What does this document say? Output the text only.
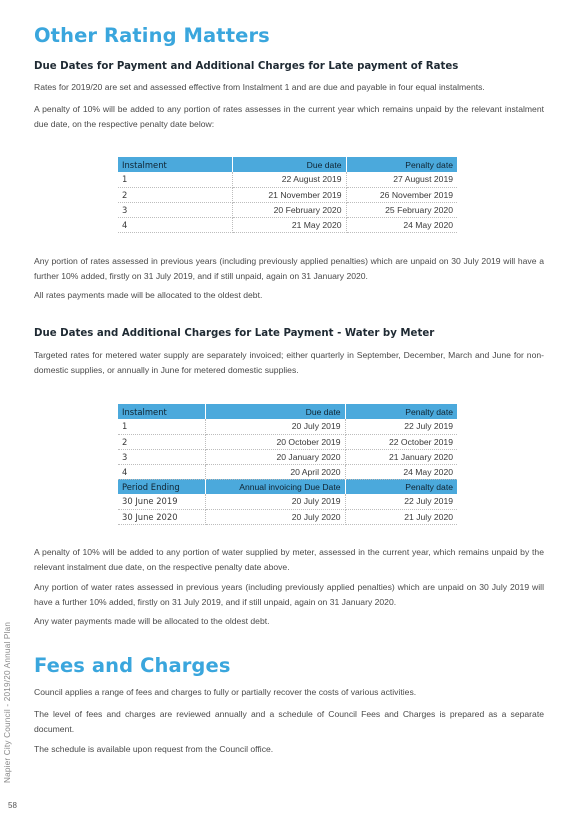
Other Rating Matters
Due Dates for Payment and Additional Charges for Late payment of Rates

Rates for 2019/20 are set and assessed effective from Instalment 1 and are due and payable in four equal instalments.

A penalty of 10% will be added to any portion of rates assesses in the current year which remains unpaid by the relevant instalment due date, on the respective penalty date below:

Instalment	Due date	Penalty date
1	22 August 2019	27 August 2019
2	21 November 2019	26 November 2019
3	20 February 2020	25 February 2020
4	21 May 2020	24 May 2020

Any portion of rates assessed in previous years (including previously applied penalties) which are unpaid on 30 July 2019 will have a further 10% added, firstly on 31 July 2019, and if still unpaid, again on 31 January 2020.

All rates payments made will be allocated to the oldest debt.

Due Dates and Additional Charges for Late Payment - Water by Meter

Targeted rates for metered water supply are separately invoiced; either quarterly in September, December, March and June for non-domestic supplies, or annually in June for metered domestic supplies.

Instalment	Due date	Penalty date
1	20 July 2019	22 July 2019
2	20 October 2019	22 October 2019
3	20 January 2020	21 January 2020
4	20 April 2020	24 May 2020
Period Ending	Annual invoicing Due Date	Penalty date
30 June 2019	20 July 2019	22 July 2019
30 June 2020	20 July 2020	21 July 2020

A penalty of 10% will be added to any portion of water supplied by meter, assessed in the current year, which remains unpaid by the relevant instalment due date, on the respective penalty date above.

Any portion of water rates assessed in previous years (including previously applied penalties) which are unpaid on 30 July 2019 will have a further 10% added, firstly on 31 July 2019, and if still unpaid, again on 31 January 2020.

Any water payments made will be allocated to the oldest debt.

Fees and Charges

Council applies a range of fees and charges to fully or partially recover the costs of various activities.

The level of fees and charges are reviewed annually and a schedule of Council Fees and Charges is prepared as a separate document.

The schedule is available upon request from the Council office.

Napier City Council - 2019/20 Annual Plan
58
